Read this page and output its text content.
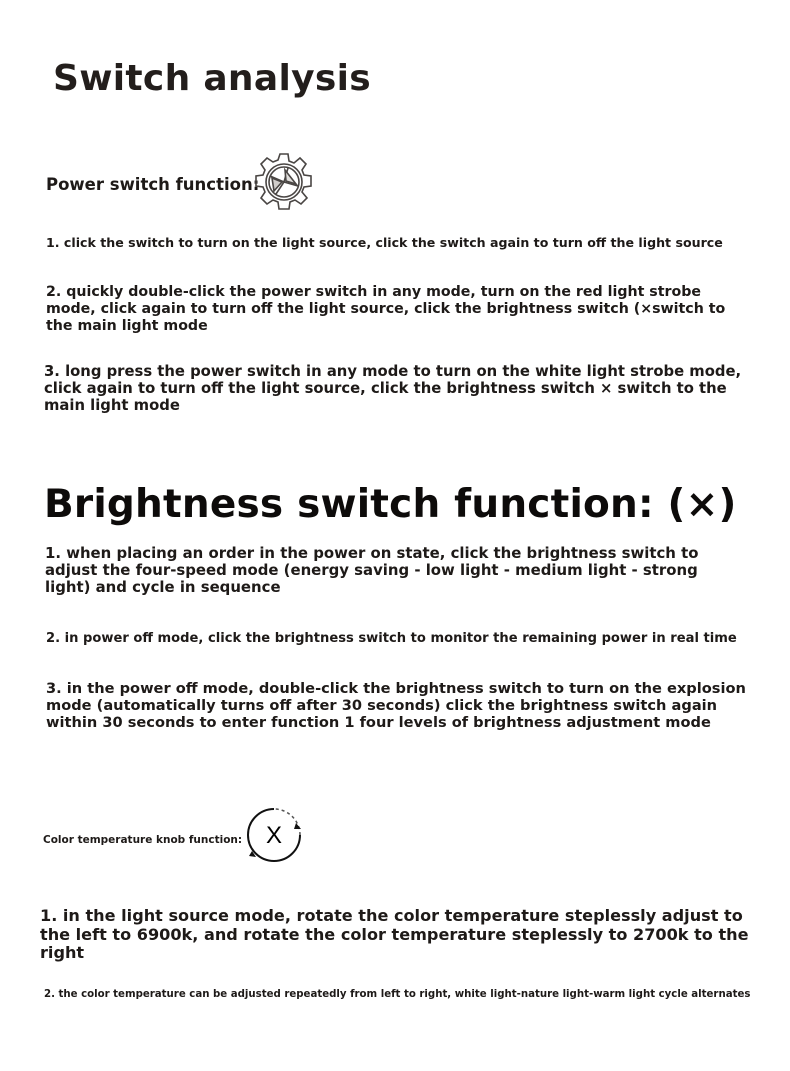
Switch analysis
Power switch function:
1. click the switch to turn on the light source, click the switch again to turn off the light source
2. quickly double-click the power switch in any mode, turn on the red light strobe mode, click again to turn off the light source, click the brightness switch (×switch to the main light mode
3. long press the power switch in any mode to turn on the white light strobe mode, click again to turn off the light source, click the brightness switch × switch to the main light mode
Brightness switch function: (×)
1. when placing an order in the power on state, click the brightness switch to adjust the four-speed mode (energy saving - low light - medium light - strong light) and cycle in sequence
2. in power off mode, click the brightness switch to monitor the remaining power in real time
3. in the power off mode, double-click the brightness switch to turn on the explosion mode (automatically turns off after 30 seconds) click the brightness switch again within 30 seconds to enter function 1 four levels of brightness adjustment mode
Color temperature knob function: X
1. in the light source mode, rotate the color temperature steplessly adjust to the left to 6900k, and rotate the color temperature steplessly to 2700k to the right
2. the color temperature can be adjusted repeatedly from left to right, white light-nature light-warm light cycle alternates
